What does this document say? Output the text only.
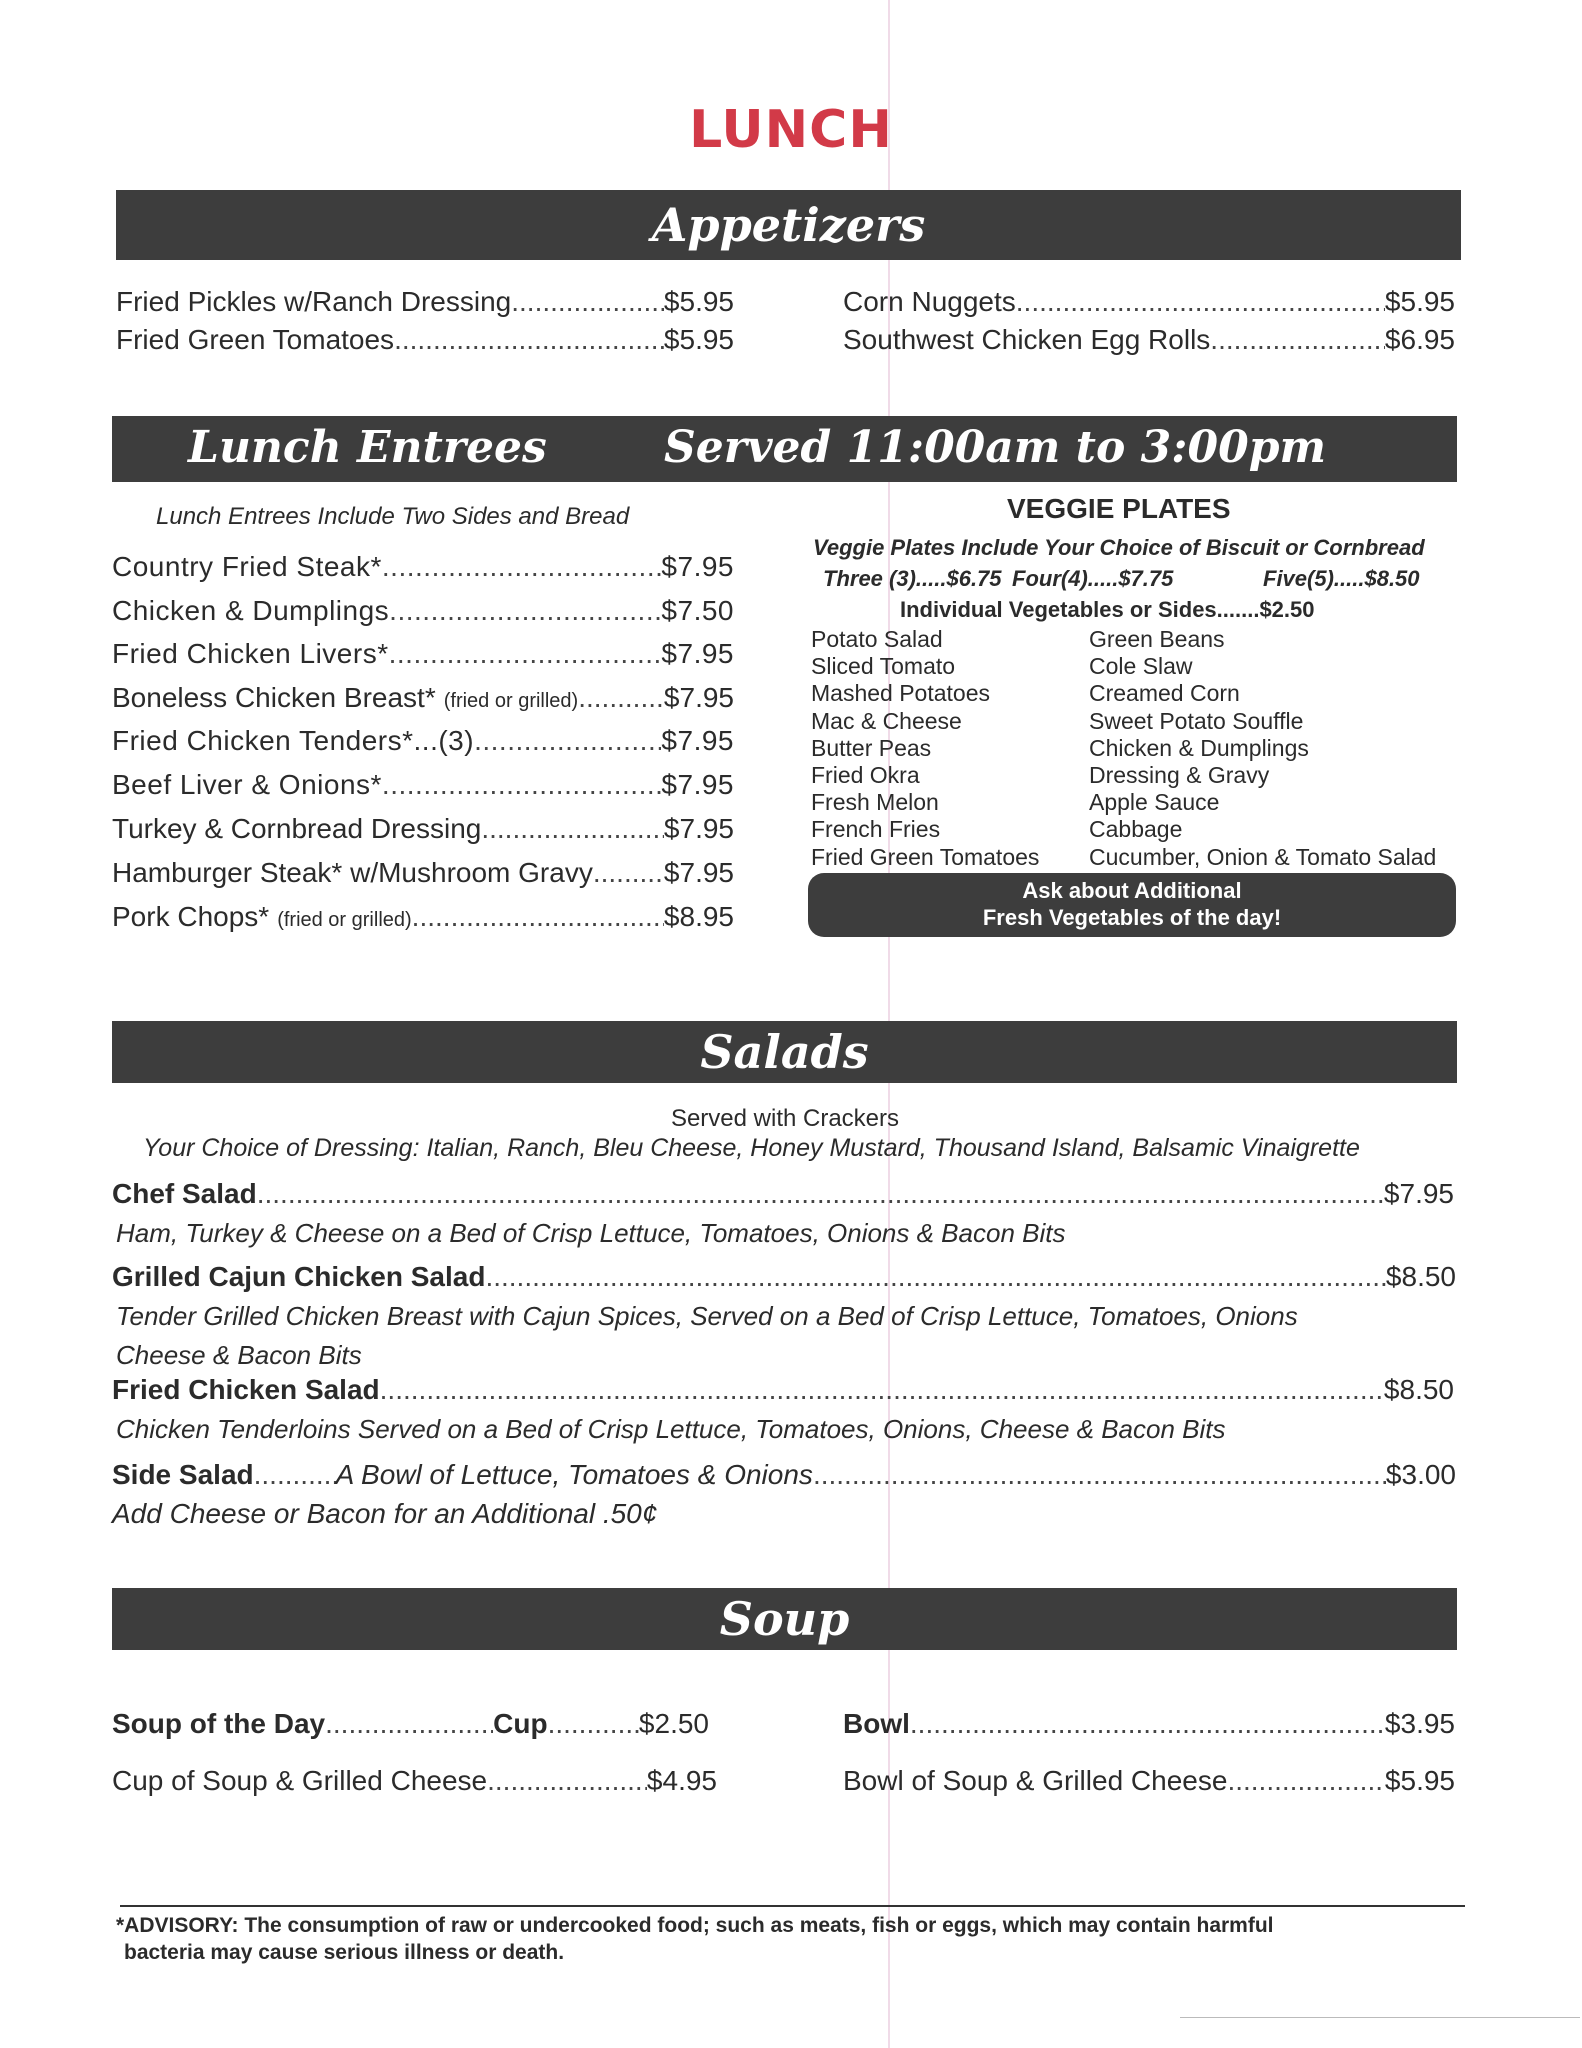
LUNCH
Appetizers
Fried Pickles w/Ranch Dressing .....	$5.95
Fried Green Tomatoes .....	$5.95
Corn Nuggets .....	$5.95
Southwest Chicken Egg Rolls .....	$6.95
Lunch Entrees	Served 11:00am to 3:00pm
Lunch Entrees Include Two Sides and Bread
Country Fried Steak* .....	$7.95
Chicken & Dumplings .....	$7.50
Fried Chicken Livers* .....	$7.95
Boneless Chicken Breast* (fried or grilled) .....	$7.95
Fried Chicken Tenders*...(3) .....	$7.95
Beef Liver & Onions* .....	$7.95
Turkey & Cornbread Dressing .....	$7.95
Hamburger Steak* w/Mushroom Gravy .....	$7.95
Pork Chops* (fried or grilled) .....	$8.95
VEGGIE PLATES
Veggie Plates Include Your Choice of Biscuit or Cornbread
Three (3).....$6.75 Four(4).....$7.75	Five(5).....$8.50
Individual Vegetables or Sides.......$2.50
Potato Salad
Sliced Tomato
Mashed Potatoes
Mac & Cheese
Butter Peas
Fried Okra
Fresh Melon
French Fries
Fried Green Tomatoes
Green Beans
Cole Slaw
Creamed Corn
Sweet Potato Souffle
Chicken & Dumplings
Dressing & Gravy
Apple Sauce
Cabbage
Cucumber, Onion & Tomato Salad
Ask about Additional
Fresh Vegetables of the day!
Salads
Served with Crackers
Your Choice of Dressing: Italian, Ranch, Bleu Cheese, Honey Mustard, Thousand Island, Balsamic Vinaigrette
Chef Salad .....	$7.95
Ham, Turkey & Cheese on a Bed of Crisp Lettuce, Tomatoes, Onions & Bacon Bits
Grilled Cajun Chicken Salad .....	$8.50
Tender Grilled Chicken Breast with Cajun Spices, Served on a Bed of Crisp Lettuce, Tomatoes, Onions
Cheese & Bacon Bits
Fried Chicken Salad .....	$8.50
Chicken Tenderloins Served on a Bed of Crisp Lettuce, Tomatoes, Onions, Cheese & Bacon Bits
Side Salad .....	A Bowl of Lettuce, Tomatoes & Onions .....	$3.00
Add Cheese or Bacon for an Additional .50¢
Soup
Soup of the Day .....	Cup .....	$2.50	Bowl .....	$3.95
Cup of Soup & Grilled Cheese .....	$4.95	Bowl of Soup & Grilled Cheese .....	$5.95
*ADVISORY: The consumption of raw or undercooked food; such as meats, fish or eggs, which may contain harmful
bacteria may cause serious illness or death.
